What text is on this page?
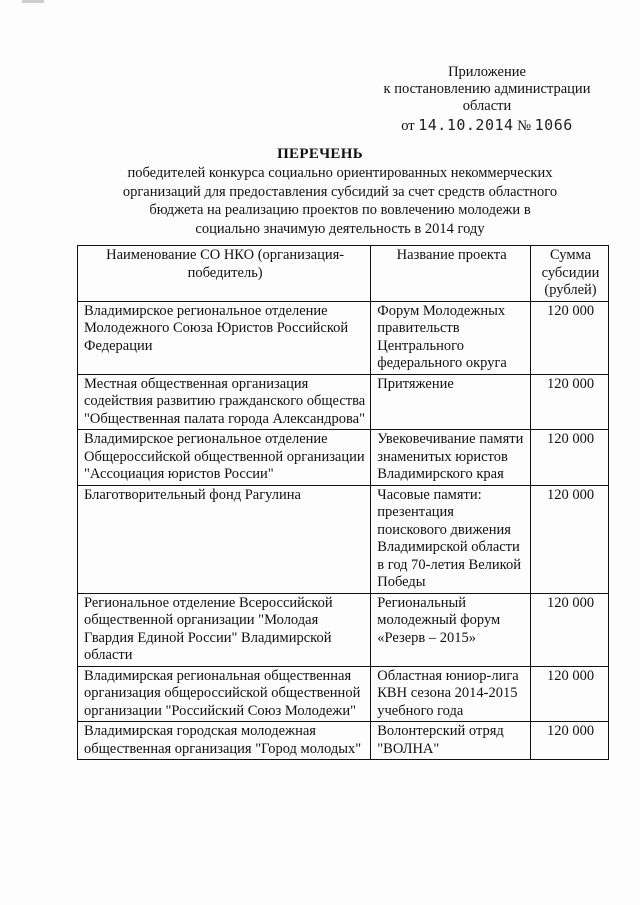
Приложение
к постановлению администрации
области
от 14.10.2014 № 1066
ПЕРЕЧЕНЬ
победителей конкурса социально ориентированных некоммерческих организаций для предоставления субсидий за счет средств областного бюджета на реализацию проектов по вовлечению молодежи в социально значимую деятельность в 2014 году
Наименование СО НКО (организация-победитель)	Название проекта	Сумма субсидии (рублей)
Владимирское региональное отделение Молодежного Союза Юристов Российской Федерации	Форум Молодежных правительств Центрального федерального округа	120 000
Местная общественная организация содействия развитию гражданского общества "Общественная палата города Александрова"	Притяжение	120 000
Владимирское региональное отделение Общероссийской общественной организации "Ассоциация юристов России"	Увековечивание памяти знаменитых юристов Владимирского края	120 000
Благотворительный фонд Рагулина	Часовые памяти: презентация поискового движения Владимирской области в год 70-летия Великой Победы	120 000
Региональное отделение Всероссийской общественной организации "Молодая Гвардия Единой России" Владимирской области	Региональный молодежный форум «Резерв – 2015»	120 000
Владимирская региональная общественная организация общероссийской общественной организации "Российский Союз Молодежи"	Областная юниор-лига КВН сезона 2014-2015 учебного года	120 000
Владимирская городская молодежная общественная организация "Город молодых"	Волонтерский отряд "ВОЛНА"	120 000
